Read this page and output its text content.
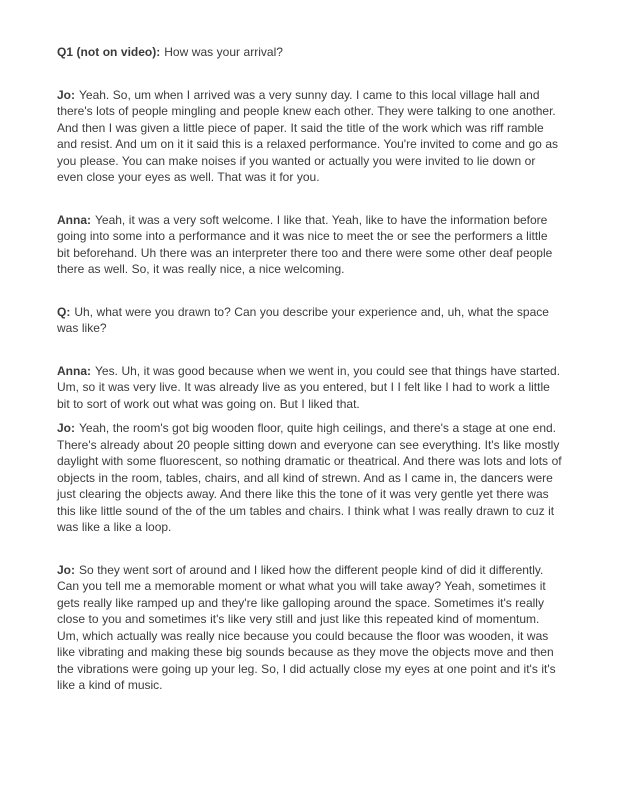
Q1 (not on video): How was your arrival?

Jo: Yeah. So, um when I arrived was a very sunny day. I came to this local village hall and there's lots of people mingling and people knew each other. They were talking to one another. And then I was given a little piece of paper. It said the title of the work which was riff ramble and resist. And um on it it said this is a relaxed performance. You're invited to come and go as you please. You can make noises if you wanted or actually you were invited to lie down or even close your eyes as well. That was it for you.

Anna: Yeah, it was a very soft welcome. I like that. Yeah, like to have the information before going into some into a performance and it was nice to meet the or see the performers a little bit beforehand. Uh there was an interpreter there too and there were some other deaf people there as well. So, it was really nice, a nice welcoming.

Q: Uh, what were you drawn to? Can you describe your experience and, uh, what the space was like?

Anna: Yes. Uh, it was good because when we went in, you could see that things have started. Um, so it was very live. It was already live as you entered, but I I felt like I had to work a little bit to sort of work out what was going on. But I liked that.

Jo: Yeah, the room's got big wooden floor, quite high ceilings, and there's a stage at one end. There's already about 20 people sitting down and everyone can see everything. It's like mostly daylight with some fluorescent, so nothing dramatic or theatrical. And there was lots and lots of objects in the room, tables, chairs, and all kind of strewn. And as I came in, the dancers were just clearing the objects away. And there like this the tone of it was very gentle yet there was this like little sound of the of the um tables and chairs. I think what I was really drawn to cuz it was like a like a loop.

Jo: So they went sort of around and I liked how the different people kind of did it differently. Can you tell me a memorable moment or what what you will take away? Yeah, sometimes it gets really like ramped up and they're like galloping around the space. Sometimes it's really close to you and sometimes it's like very still and just like this repeated kind of momentum. Um, which actually was really nice because you could because the floor was wooden, it was like vibrating and making these big sounds because as they move the objects move and then the vibrations were going up your leg. So, I did actually close my eyes at one point and it's it's like a kind of music.
